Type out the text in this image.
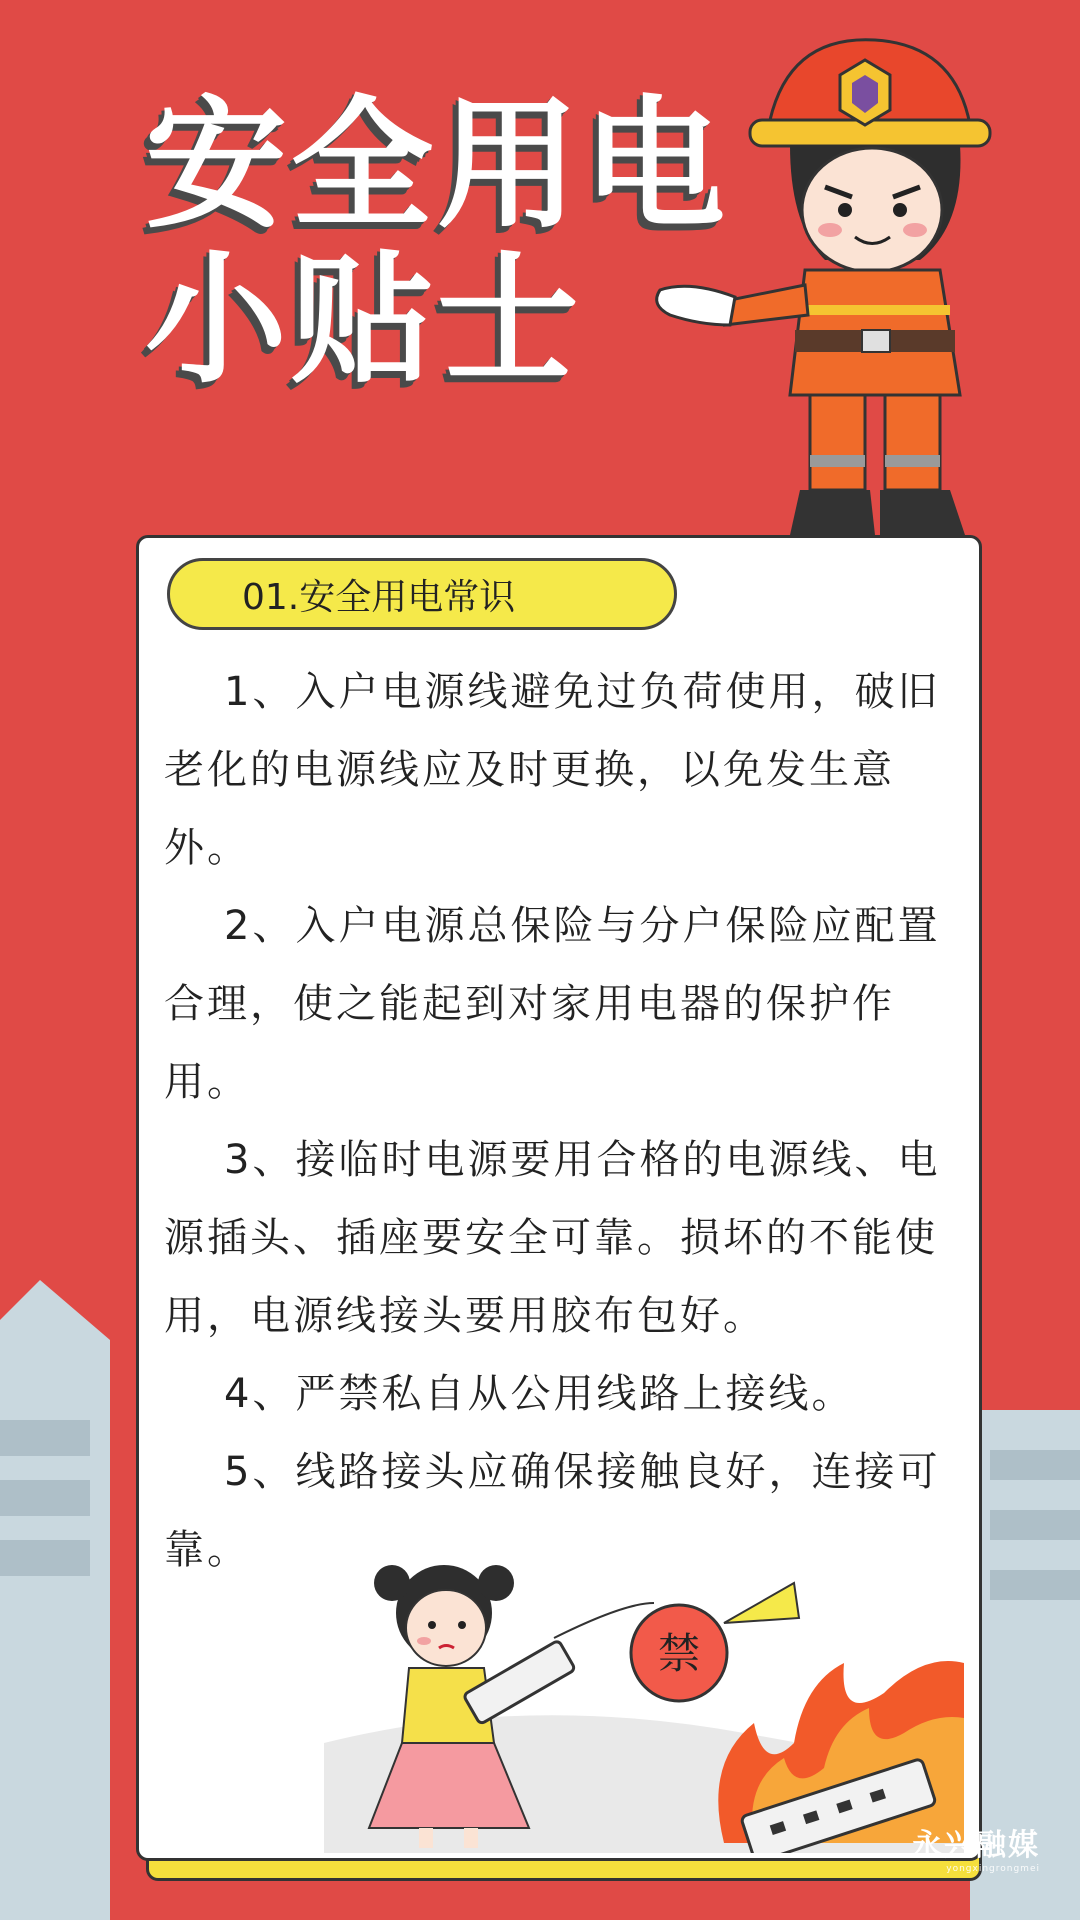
安全用电
小贴士
01.安全用电常识

1、入户电源线避免过负荷使用，破旧老化的电源线应及时更换，以免发生意外。

2、入户电源总保险与分户保险应配置合理，使之能起到对家用电器的保护作用。

3、接临时电源要用合格的电源线、电源插头、插座要安全可靠。损坏的不能使用，电源线接头要用胶布包好。

4、严禁私自从公用线路上接线。

5、线路接头应确保接触良好，连接可靠。

禁
永兴融媒
yongxingrongmei
